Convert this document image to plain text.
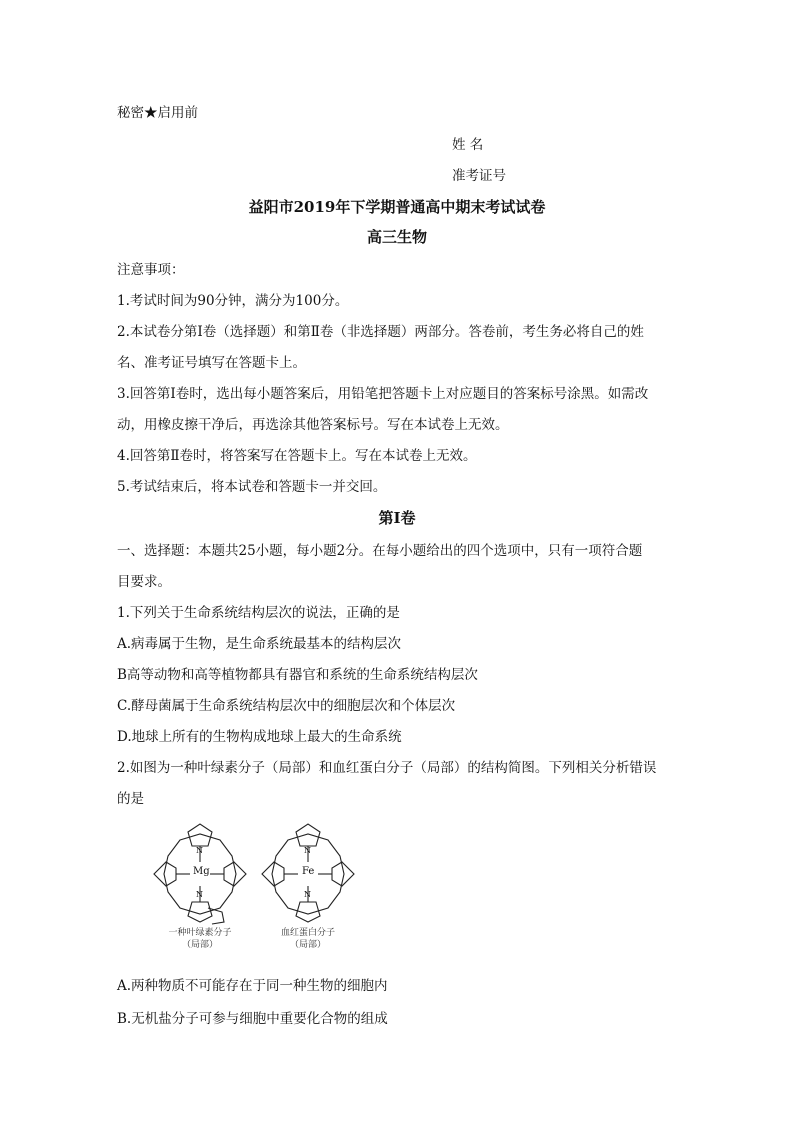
秘密★启用前
姓 名
准考证号
益阳市2019年下学期普通高中期末考试试卷
高三生物
注意事项：
1.考试时间为90分钟，满分为100分。
2.本试卷分第Ⅰ卷（选择题）和第Ⅱ卷（非选择题）两部分。答卷前，考生务必将自己的姓
名、准考证号填写在答题卡上。
3.回答第Ⅰ卷时，选出每小题答案后，用铅笔把答题卡上对应题目的答案标号涂黑。如需改
动，用橡皮擦干净后，再选涂其他答案标号。写在本试卷上无效。
4.回答第Ⅱ卷时，将答案写在答题卡上。写在本试卷上无效。
5.考试结束后，将本试卷和答题卡一并交回。
第Ⅰ卷
一、选择题：本题共25小题，每小题2分。在每小题给出的四个选项中，只有一项符合题
目要求。
1.下列关于生命系统结构层次的说法，正确的是
A.病毒属于生物，是生命系统最基本的结构层次
B高等动物和高等植物都具有器官和系统的生命系统结构层次
C.酵母菌属于生命系统结构层次中的细胞层次和个体层次
D.地球上所有的生物构成地球上最大的生命系统
2.如图为一种叶绿素分子（局部）和血红蛋白分子（局部）的结构简图。下列相关分析错误
的是
Mg
N
N
一种叶绿素分子
（局部）
Fe
N
N
血红蛋白分子
（局部）
A.两种物质不可能存在于同一种生物的细胞内
B.无机盐分子可参与细胞中重要化合物的组成
